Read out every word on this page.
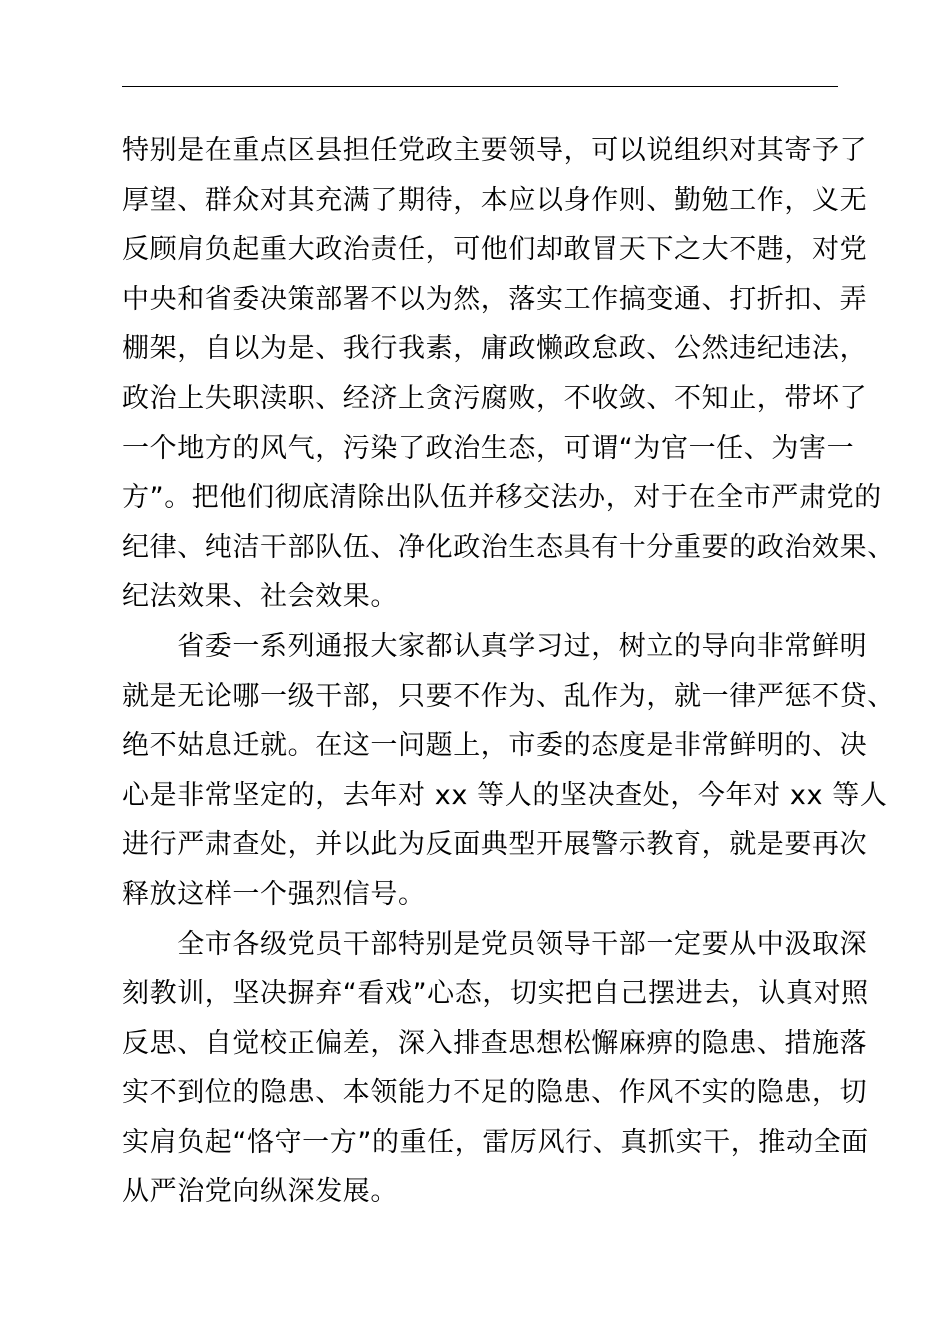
特别是在重点区县担任党政主要领导，可以说组织对其寄予了
厚望、群众对其充满了期待，本应以身作则、勤勉工作，义无
反顾肩负起重大政治责任，可他们却敢冒天下之大不韪，对党
中央和省委决策部署不以为然，落实工作搞变通、打折扣、弄
棚架，自以为是、我行我素，庸政懒政怠政、公然违纪违法，
政治上失职渎职、经济上贪污腐败，不收敛、不知止，带坏了
一个地方的风气，污染了政治生态，可谓“为官一任、为害一
方”。把他们彻底清除出队伍并移交法办，对于在全市严肃党的
纪律、纯洁干部队伍、净化政治生态具有十分重要的政治效果、
纪法效果、社会效果。
　　省委一系列通报大家都认真学习过，树立的导向非常鲜明
就是无论哪一级干部，只要不作为、乱作为，就一律严惩不贷、
绝不姑息迁就。在这一问题上，市委的态度是非常鲜明的、决
心是非常坚定的，去年对 xx 等人的坚决查处，今年对 xx 等人
进行严肃查处，并以此为反面典型开展警示教育，就是要再次
释放这样一个强烈信号。
　　全市各级党员干部特别是党员领导干部一定要从中汲取深
刻教训，坚决摒弃“看戏”心态，切实把自己摆进去，认真对照
反思、自觉校正偏差，深入排查思想松懈麻痹的隐患、措施落
实不到位的隐患、本领能力不足的隐患、作风不实的隐患，切
实肩负起“恪守一方”的重任，雷厉风行、真抓实干，推动全面
从严治党向纵深发展。
